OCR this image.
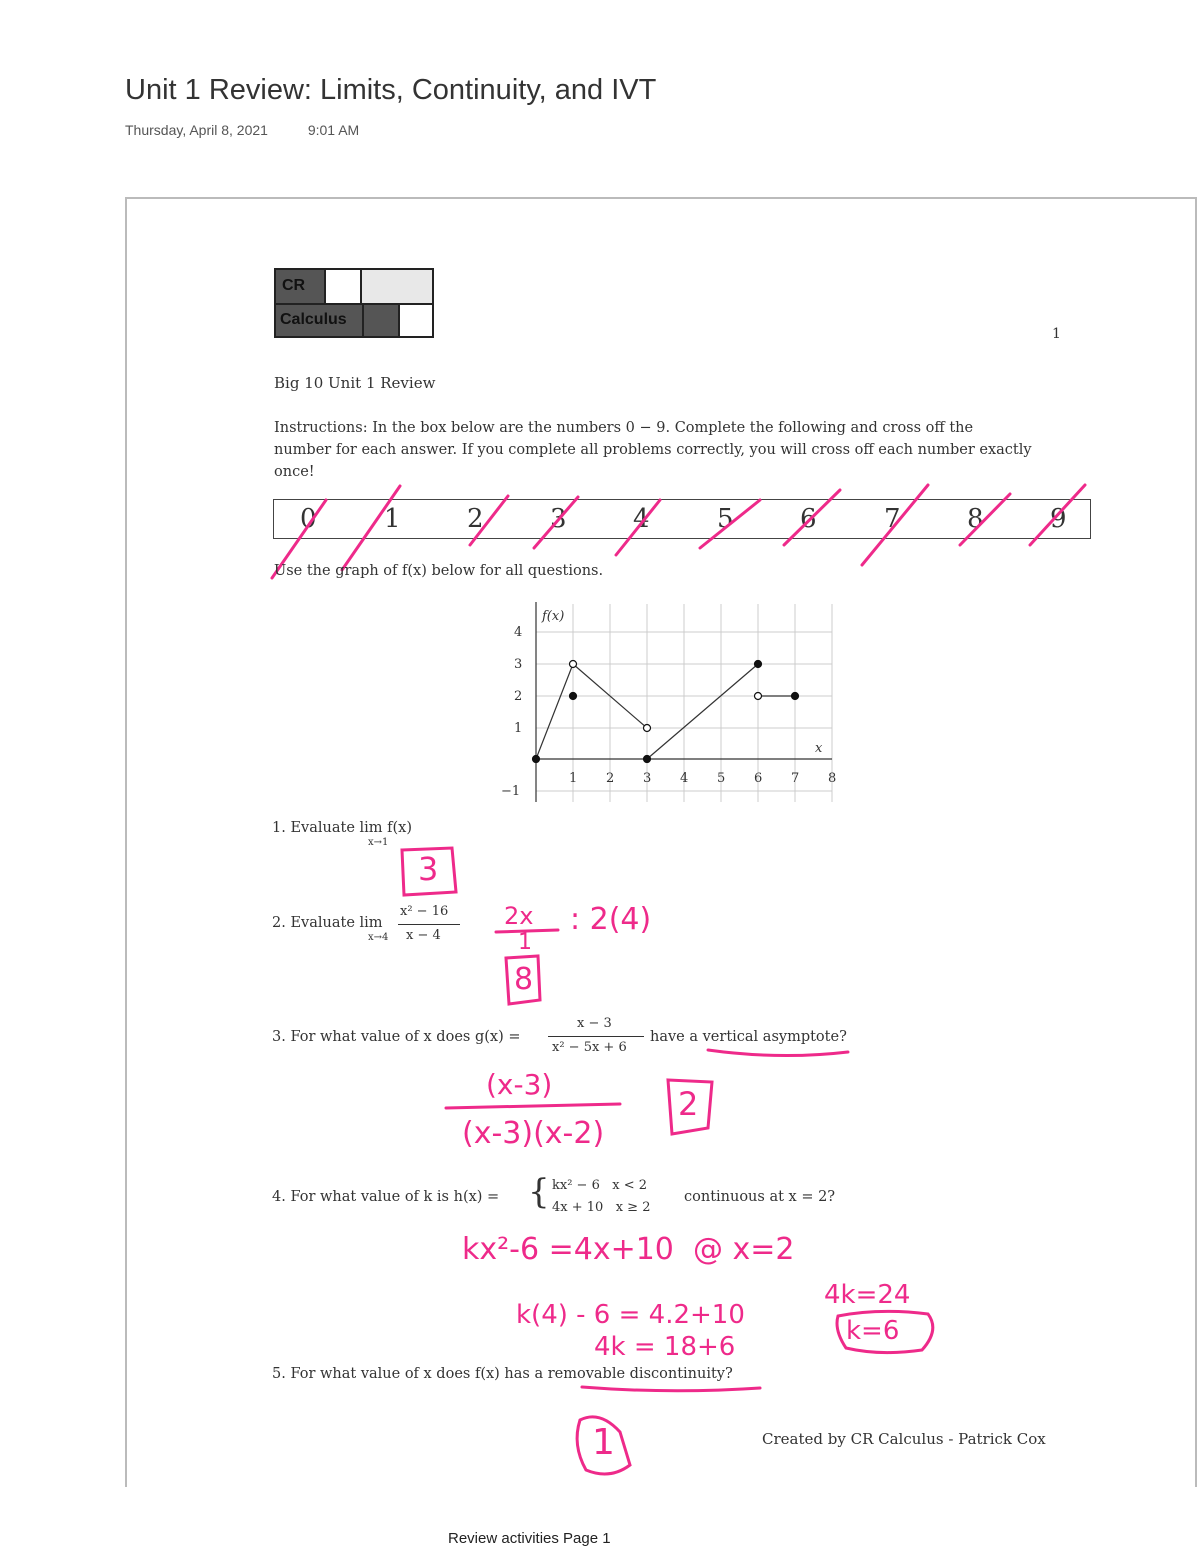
Unit 1 Review: Limits, Continuity, and IVT
Thursday, April 8, 2021	9:01 AM
CR
Calculus
1
Big 10 Unit 1 Review
Instructions: In the box below are the numbers 0 − 9. Complete the following and cross off the number for each answer. If you complete all problems correctly, you will cross off each number exactly once!
0	1	2	3	4	5	6	7	8	9
Use the graph of f(x) below for all questions.
f(x)
x
1 2 3 4 5 6 7 8
4
3
2
1
−1
1. Evaluate lim f(x)
x→1
3
2. Evaluate lim
x→4
x² − 16
x − 4
2x
1
: 2(4)
8
3. For what value of x does g(x) =
x − 3
x² − 5x + 6
have a vertical asymptote?
(x-3)
(x-3)(x-2)
2
4. For what value of k is h(x) = { kx² − 6   x < 2
4x + 10   x ≥ 2
continuous at x = 2?
kx²-6 =4x+10  @ x=2
k(4) - 6 = 4.2+10
4k = 18+6
4k=24
k=6
5. For what value of x does f(x) has a removable discontinuity?
1	Created by CR Calculus - Patrick Cox
Review activities Page 1
